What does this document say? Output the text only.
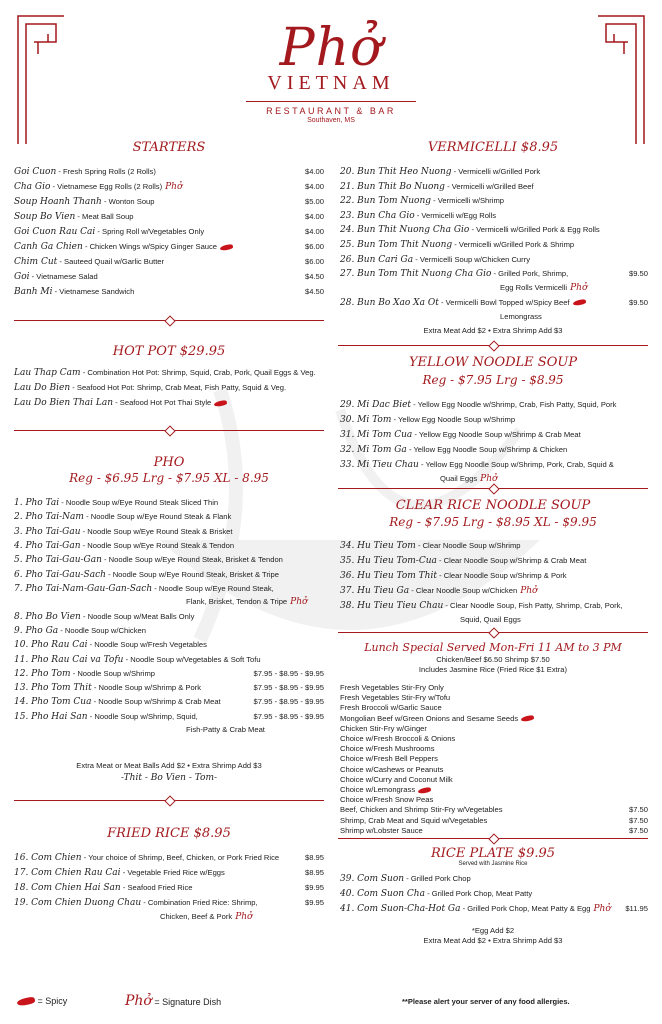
Phở
VIETNAM
RESTAURANT & BAR
Southaven, MS
STARTERS
Goi Cuon - Fresh Spring Rolls (2 Rolls)	$4.00
Cha Gio - Vietnamese Egg Rolls (2 Rolls) Phở	$4.00
Soup Hoanh Thanh - Wonton Soup	$5.00
Soup Bo Vien - Meat Ball Soup	$4.00
Goi Cuon Rau Cai - Spring Roll w/Vegetables Only	$4.00
Canh Ga Chien - Chicken Wings w/Spicy Ginger Sauce	$6.00
Chim Cut - Sauteed Quail w/Garlic Butter	$6.00
Goi - Vietnamese Salad	$4.50
Banh Mi - Vietnamese Sandwich	$4.50
HOT POT $29.95
Lau Thap Cam - Combination Hot Pot: Shrimp, Squid, Crab, Pork, Quail Eggs & Veg.
Lau Do Bien - Seafood Hot Pot: Shrimp, Crab Meat, Fish Patty, Squid & Veg.
Lau Do Bien Thai Lan - Seafood Hot Pot Thai Style
PHO
Reg - $6.95 Lrg - $7.95 XL - 8.95
1. Pho Tai - Noodle Soup w/Eye Round Steak Sliced Thin
2. Pho Tai-Nam - Noodle Soup w/Eye Round Steak & Flank
3. Pho Tai-Gau - Noodle Soup w/Eye Round Steak & Brisket
4. Pho Tai-Gan - Noodle Soup w/Eye Round Steak & Tendon
5. Pho Tai-Gau-Gan - Noodle Soup w/Eye Round Steak, Brisket & Tendon
6. Pho Tai-Gau-Sach - Noodle Soup w/Eye Round Steak, Brisket & Tripe
7. Pho Tai-Nam-Gau-Gan-Sach - Noodle Soup w/Eye Round Steak,
Flank, Brisket, Tendon & Tripe Phở
8. Pho Bo Vien - Noodle Soup w/Meat Balls Only
9. Pho Ga - Noodle Soup w/Chicken
10. Pho Rau Cai - Noodle Soup w/Fresh Vegetables
11. Pho Rau Cai va Tofu - Noodle Soup w/Vegetables & Soft Tofu
12. Pho Tom - Noodle Soup w/Shrimp	$7.95 - $8.95 - $9.95
13. Pho Tom Thit - Noodle Soup w/Shrimp & Pork	$7.95 - $8.95 - $9.95
14. Pho Tom Cua - Noodle Soup w/Shrimp & Crab Meat	$7.95 - $8.95 - $9.95
15. Pho Hai San - Noodle Soup w/Shrimp, Squid,	$7.95 - $8.95 - $9.95
Fish-Patty & Crab Meat
Extra Meat or Meat Balls Add $2 • Extra Shrimp Add $3
-Thit - Bo Vien - Tom-
FRIED RICE $8.95
16. Com Chien - Your choice of Shrimp, Beef, Chicken, or Pork Fried Rice	$8.95
17. Com Chien Rau Cai - Vegetable Fried Rice w/Eggs	$8.95
18. Com Chien Hai San - Seafood Fried Rice	$9.95
19. Com Chien Duong Chau - Combination Fried Rice: Shrimp,	$9.95
Chicken, Beef & Pork Phở
VERMICELLI $8.95
20. Bun Thit Heo Nuong - Vermicelli w/Grilled Pork
21. Bun Thit Bo Nuong - Vermicelli w/Grilled Beef
22. Bun Tom Nuong - Vermicelli w/Shrimp
23. Bun Cha Gio - Vermicelli w/Egg Rolls
24. Bun Thit Nuong Cha Gio - Vermicelli w/Grilled Pork & Egg Rolls
25. Bun Tom Thit Nuong - Vermicelli w/Grilled Pork & Shrimp
26. Bun Cari Ga - Vermicelli Soup w/Chicken Curry
27. Bun Tom Thit Nuong Cha Gio - Grilled Pork, Shrimp,	$9.50
Egg Rolls Vermicelli Phở
28. Bun Bo Xao Xa Ot - Vermicelli Bowl Topped w/Spicy Beef	$9.50
Lemongrass
Extra Meat Add $2 • Extra Shrimp Add $3
YELLOW NOODLE SOUP
Reg - $7.95 Lrg - $8.95
29. Mi Dac Biet - Yellow Egg Noodle w/Shrimp, Crab, Fish Patty, Squid, Pork
30. Mi Tom - Yellow Egg Noodle Soup w/Shrimp
31. Mi Tom Cua - Yellow Egg Noodle Soup w/Shrimp & Crab Meat
32. Mi Tom Ga - Yellow Egg Noodle Soup w/Shrimp & Chicken
33. Mi Tieu Chau - Yellow Egg Noodle Soup w/Shrimp, Pork, Crab, Squid &
Quail Eggs Phở
CLEAR RICE NOODLE SOUP
Reg - $7.95 Lrg - $8.95 XL - $9.95
34. Hu Tieu Tom - Clear Noodle Soup w/Shrimp
35. Hu Tieu Tom-Cua - Clear Noodle Soup w/Shrimp & Crab Meat
36. Hu Tieu Tom Thit - Clear Noodle Soup w/Shrimp & Pork
37. Hu Tieu Ga - Clear Noodle Soup w/Chicken Phở
38. Hu Tieu Tieu Chau - Clear Noodle Soup, Fish Patty, Shrimp, Crab, Pork,
Squid, Quail Eggs
Lunch Special Served Mon-Fri 11 AM to 3 PM
Chicken/Beef $6.50 Shrimp $7.50
Includes Jasmine Rice (Fried Rice $1 Extra)
Fresh Vegetables Stir-Fry Only
Fresh Vegetables Stir-Fry w/Tofu
Fresh Broccoli w/Garlic Sauce
Mongolian Beef w/Green Onions and Sesame Seeds
Chicken Stir-Fry w/Ginger
Choice w/Fresh Broccoli & Onions
Choice w/Fresh Mushrooms
Choice w/Fresh Bell Peppers
Choice w/Cashews or Peanuts
Choice w/Curry and Coconut Milk
Choice w/Lemongrass
Choice w/Fresh Snow Peas
Beef, Chicken and Shrimp Stir-Fry w/Vegetables	$7.50
Shrimp, Crab Meat and Squid w/Vegetables	$7.50
Shrimp w/Lobster Sauce	$7.50
RICE PLATE $9.95
Served with Jasmine Rice
39. Com Suon - Grilled Pork Chop
40. Com Suon Cha - Grilled Pork Chop, Meat Patty
41. Com Suon-Cha-Hot Ga - Grilled Pork Chop, Meat Patty & Egg Phở	$11.95
*Egg Add $2
Extra Meat Add $2 • Extra Shrimp Add $3
= Spicy	Phở = Signature Dish	**Please alert your server of any food allergies.
